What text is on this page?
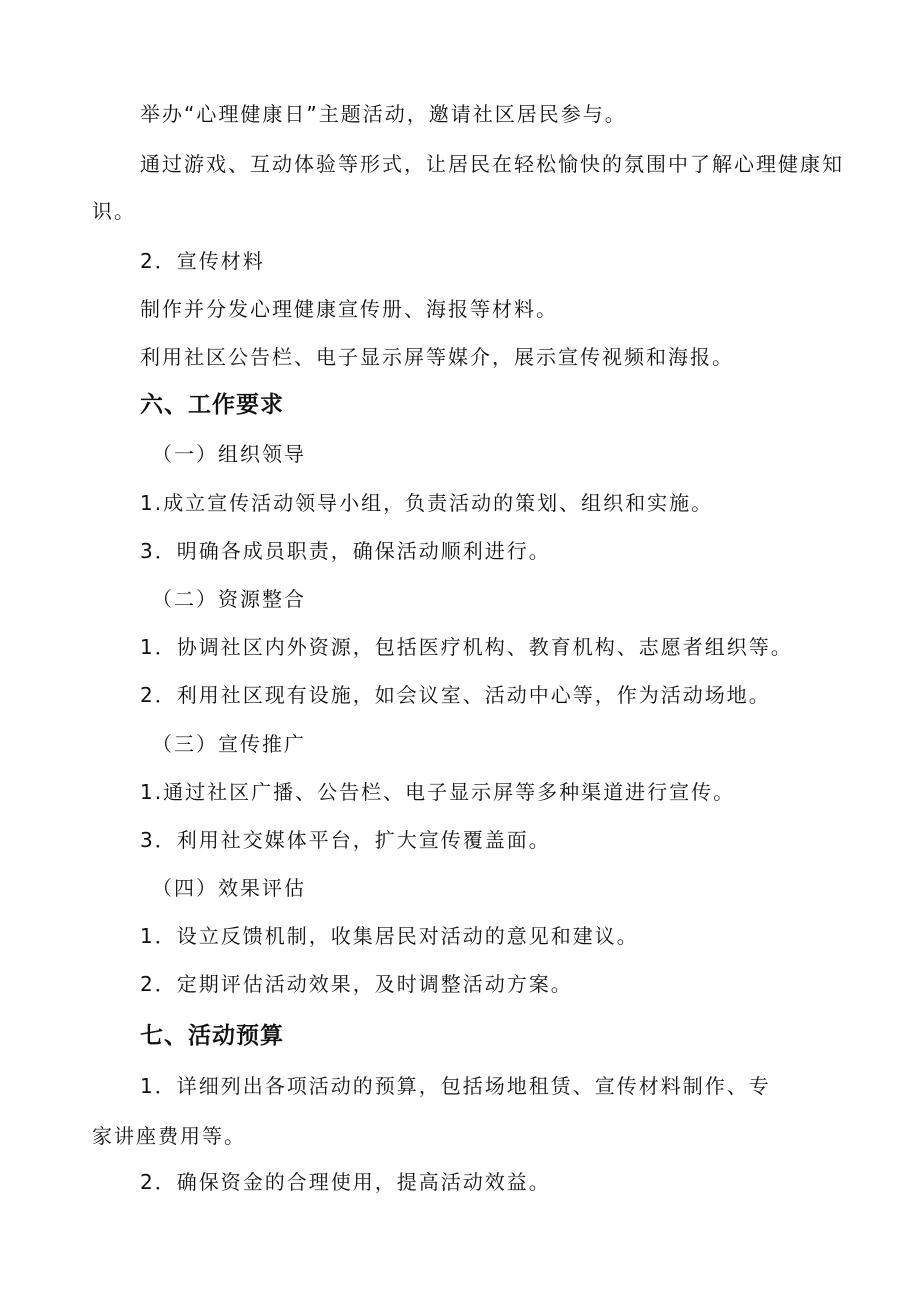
举办“心理健康日”主题活动，邀请社区居民参与。
通过游戏、互动体验等形式，让居民在轻松愉快的氛围中了解心理健康知
识。
2．宣传材料
制作并分发心理健康宣传册、海报等材料。
利用社区公告栏、电子显示屏等媒介，展示宣传视频和海报。
六、工作要求
（一）组织领导
1.成立宣传活动领导小组，负责活动的策划、组织和实施。
3．明确各成员职责，确保活动顺利进行。
（二）资源整合
1．协调社区内外资源，包括医疗机构、教育机构、志愿者组织等。
2．利用社区现有设施，如会议室、活动中心等，作为活动场地。
（三）宣传推广
1.通过社区广播、公告栏、电子显示屏等多种渠道进行宣传。
3．利用社交媒体平台，扩大宣传覆盖面。
（四）效果评估
1．设立反馈机制，收集居民对活动的意见和建议。
2．定期评估活动效果，及时调整活动方案。
七、活动预算
1．详细列出各项活动的预算，包括场地租赁、宣传材料制作、专
家讲座费用等。
2．确保资金的合理使用，提高活动效益。
